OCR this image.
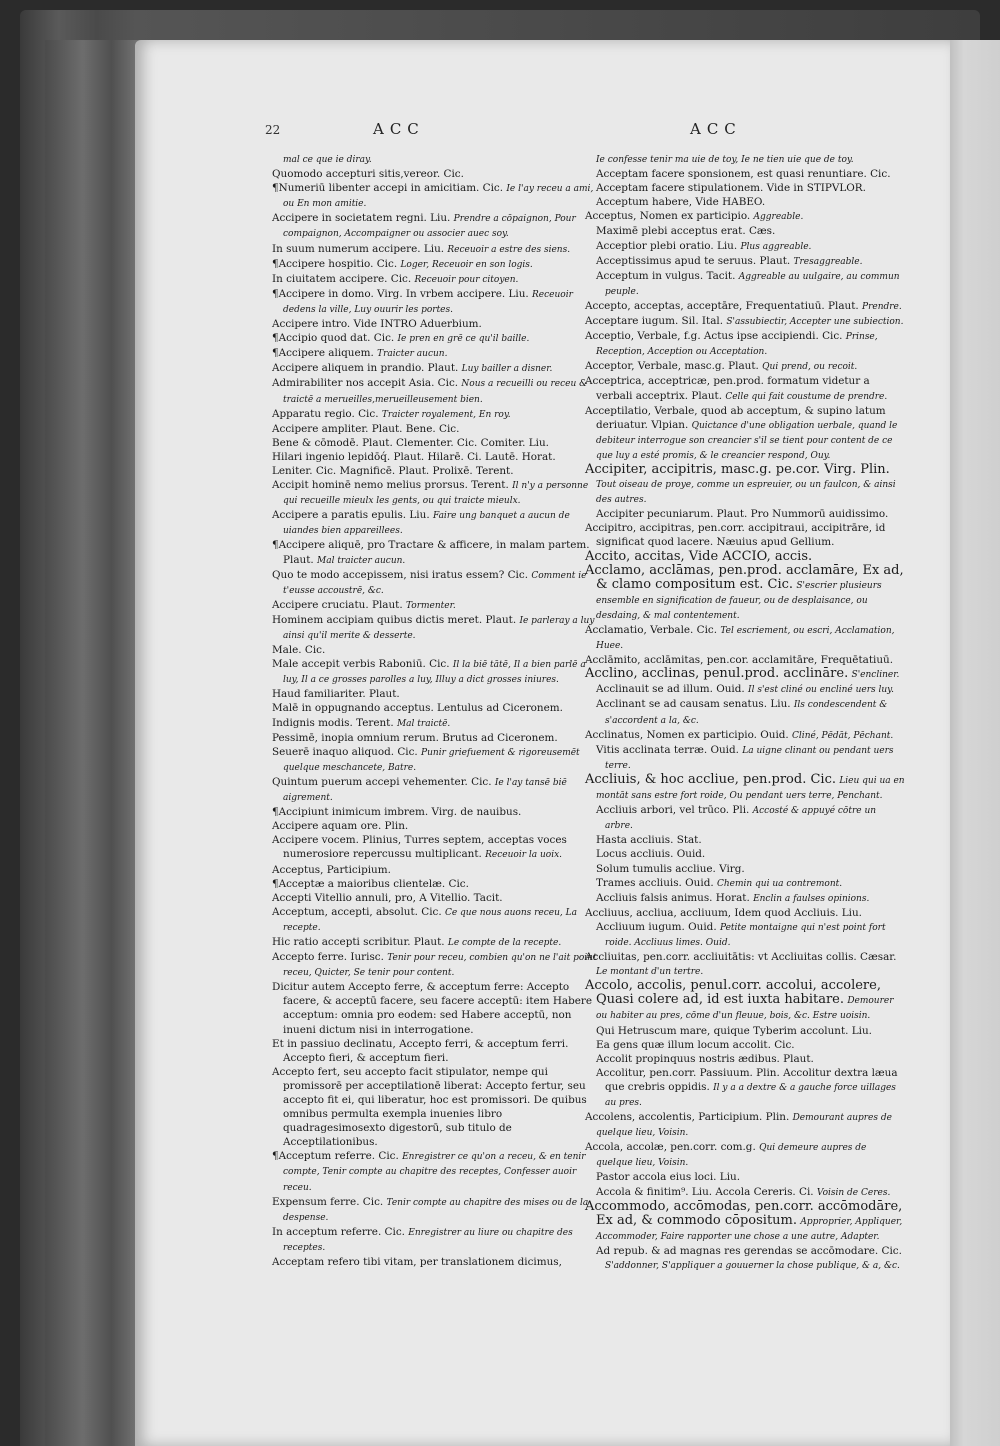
22	ACC	ACC

mal ce que ie diray.

Quomodo accepturi sitis,vereor. Cic.

¶Numeriū libenter accepi in amicitiam. Cic. Ie l'ay receu a ami, ou En mon amitie.

Accipere in societatem regni. Liu. Prendre a cōpaignon, Pour compaignon, Accompaigner ou associer auec soy.

In suum numerum accipere. Liu. Receuoir a estre des siens.

¶Accipere hospitio. Cic. Loger, Receuoir en son logis.

In ciuitatem accipere. Cic. Receuoir pour citoyen.

¶Accipere in domo. Virg. In vrbem accipere. Liu. Receuoir dedens la ville, Luy ouurir les portes.

Accipere intro. Vide INTRO Aduerbium.

¶Accipio quod dat. Cic. Ie pren en grē ce qu'il baille.

¶Accipere aliquem. Traicter aucun.

Accipere aliquem in prandio. Plaut. Luy bailler a disner.

Admirabiliter nos accepit Asia. Cic. Nous a recueilli ou receu & traictē a merueilles,merueilleusement bien.

Apparatu regio. Cic. Traicter royalement, En roy.

Accipere ampliter. Plaut. Bene. Cic.

Bene & cōmodē. Plaut. Clementer. Cic. Comiter. Liu.

Hilari ingenio lepidōq́. Plaut. Hilarē. Ci. Lautē. Horat.

Leniter. Cic. Magnificē. Plaut. Prolixē. Terent.

Accipit hominē nemo melius prorsus. Terent. Il n'y a personne qui recueille mieulx les gents, ou qui traicte mieulx.

Accipere a paratis epulis. Liu. Faire ung banquet a aucun de uiandes bien appareillees.

¶Accipere aliquē, pro Tractare & afficere, in malam partem. Plaut. Mal traicter aucun.

Quo te modo accepissem, nisi iratus essem? Cic. Comment ie t'eusse accoustrē, &c.

Accipere cruciatu. Plaut. Tormenter.

Hominem accipiam quibus dictis meret. Plaut. Ie parleray a luy ainsi qu'il merite & desserte.

Male. Cic.

Male accepit verbis Raboniū. Cic. Il la biē tātē, Il a bien parlē a luy, Il a ce grosses parolles a luy, Illuy a dict grosses iniures.

Haud familiariter. Plaut.

Malē in oppugnando acceptus. Lentulus ad Ciceronem.

Indignis modis. Terent. Mal traictē.

Pessimē, inopia omnium rerum. Brutus ad Ciceronem.

Seuerē inaquo aliquod. Cic. Punir griefuement & rigoreusemēt quelque meschancete, Batre.

Quintum puerum accepi vehementer. Cic. Ie l'ay tansē biē aigrement.

¶Accipiunt inimicum imbrem. Virg. de nauibus.

Accipere aquam ore. Plin.

Accipere vocem. Plinius, Turres septem, acceptas voces numerosiore repercussu multiplicant. Receuoir la uoix.

Acceptus, Participium.

¶Acceptæ a maioribus clientelæ. Cic.

Accepti Vitellio annuli, pro, A Vitellio. Tacit.

Acceptum, accepti, absolut. Cic. Ce que nous auons receu, La recepte.

Hic ratio accepti scribitur. Plaut. Le compte de la recepte.

Accepto ferre. Iurisc. Tenir pour receu, combien qu'on ne l'ait point receu, Quicter, Se tenir pour content.

Dicitur autem Accepto ferre, & acceptum ferre: Accepto facere, & acceptū facere, seu facere acceptū: item Habere acceptum: omnia pro eodem: sed Habere acceptū, non inueni dictum nisi in interrogatione.

Et in passiuo declinatu, Accepto ferri, & acceptum ferri. Accepto fieri, & acceptum fieri.

Accepto fert, seu accepto facit stipulator, nempe qui promissorē per acceptilationē liberat: Accepto fertur, seu accepto fit ei, qui liberatur, hoc est promissori. De quibus omnibus permulta exempla inuenies libro quadragesimosexto digestorū, sub titulo de Acceptilationibus.

¶Acceptum referre. Cic. Enregistrer ce qu'on a receu, & en tenir compte, Tenir compte au chapitre des receptes, Confesser auoir receu.

Expensum ferre. Cic. Tenir compte au chapitre des mises ou de la despense.

In acceptum referre. Cic. Enregistrer au liure ou chapitre des receptes.

Acceptam refero tibi vitam, per translationem dicimus,

Ie confesse tenir ma uie de toy, Ie ne tien uie que de toy.

Acceptam facere sponsionem, est quasi renuntiare. Cic.

Acceptam facere stipulationem. Vide in STIPVLOR.

Acceptum habere, Vide HABEO.

Acceptus, Nomen ex participio. Aggreable.

Maximē plebi acceptus erat. Cæs.

Acceptior plebi oratio. Liu. Plus aggreable.

Acceptissimus apud te seruus. Plaut. Tresaggreable.

Acceptum in vulgus. Tacit. Aggreable au uulgaire, au commun peuple.

Accepto, acceptas, acceptāre, Frequentatiuū. Plaut. Prendre.

Acceptare iugum. Sil. Ital. S'assubiectir, Accepter une subiection.

Acceptio, Verbale, f.g. Actus ipse accipiendi. Cic. Prinse, Reception, Acception ou Acceptation.

Acceptor, Verbale, masc.g. Plaut. Qui prend, ou recoit.

Acceptrica, acceptricæ, pen.prod. formatum videtur a verbali acceptrix. Plaut. Celle qui fait coustume de prendre.

Acceptilatio, Verbale, quod ab acceptum, & supino latum deriuatur. Vlpian. Quictance d'une obligation uerbale, quand le debiteur interrogue son creancier s'il se tient pour content de ce que luy a esté promis, & le creancier respond, Ouy.

Accipiter, accipitris, masc.g. pe.cor. Virg. Plin. Tout oiseau de proye, comme un espreuier, ou un faulcon, & ainsi des autres.

Accipiter pecuniarum. Plaut. Pro Nummorū auidissimo.

Accipitro, accipitras, pen.corr. accipitraui, accipitrāre, id significat quod lacere. Næuius apud Gellium.

Accito, accitas, Vide ACCIO, accis.

Acclamo, acclāmas, pen.prod. acclamāre, Ex ad, & clamo compositum est. Cic. S'escrier plusieurs ensemble en signification de faueur, ou de desplaisance, ou desdaing, & mal contentement.

Acclamatio, Verbale. Cic. Tel escriement, ou escri, Acclamation, Huee.

Acclāmito, acclāmitas, pen.cor. acclamitāre, Frequētatiuū.

Acclino, acclinas, penul.prod. acclināre. S'encliner.

Acclinauit se ad illum. Ouid. Il s'est cliné ou encliné uers luy.

Acclinant se ad causam senatus. Liu. Ils condescendent & s'accordent a la, &c.

Acclinatus, Nomen ex participio. Ouid. Cliné, Pēdāt, Pēchant.

Vitis acclinata terræ. Ouid. La uigne clinant ou pendant uers terre.

Accliuis, & hoc accliue, pen.prod. Cic. Lieu qui ua en montāt sans estre fort roide, Ou pendant uers terre, Penchant.

Accliuis arbori, vel trūco. Pli. Accosté & appuyé cōtre un arbre.

Hasta accliuis. Stat.

Locus accliuis. Ouid.

Solum tumulis accliue. Virg.

Trames accliuis. Ouid. Chemin qui ua contremont.

Accliuis falsis animus. Horat. Enclin a faulses opinions.

Accliuus, accliua, accliuum, Idem quod Accliuis. Liu.

Accliuum iugum. Ouid. Petite montaigne qui n'est point fort roide. Accliuus limes. Ouid.

Accliuitas, pen.corr. accliuitātis: vt Accliuitas collis. Cæsar. Le montant d'un tertre.

Accolo, accolis, penul.corr. accolui, accolere, Quasi colere ad, id est iuxta habitare. Demourer ou habiter au pres, cōme d'un fleuue, bois, &c. Estre uoisin.

Qui Hetruscum mare, quique Tyberim accolunt. Liu.

Ea gens quæ illum locum accolit. Cic.

Accolit propinquus nostris ædibus. Plaut.

Accolitur, pen.corr. Passiuum. Plin. Accolitur dextra læua que crebris oppidis. Il y a a dextre & a gauche force uillages au pres.

Accolens, accolentis, Participium. Plin. Demourant aupres de quelque lieu, Voisin.

Accola, accolæ, pen.corr. com.g. Qui demeure aupres de quelque lieu, Voisin.

Pastor accola eius loci. Liu.

Accola & finitim⁹. Liu. Accola Cereris. Ci. Voisin de Ceres.

Accommodo, accōmodas, pen.corr. accōmodāre, Ex ad, & commodo cōpositum. Approprier, Appliquer, Accommoder, Faire rapporter une chose a une autre, Adapter.

Ad repub. & ad magnas res gerendas se accōmodare. Cic. S'addonner, S'appliquer a gouuerner la chose publique, & a, &c.
